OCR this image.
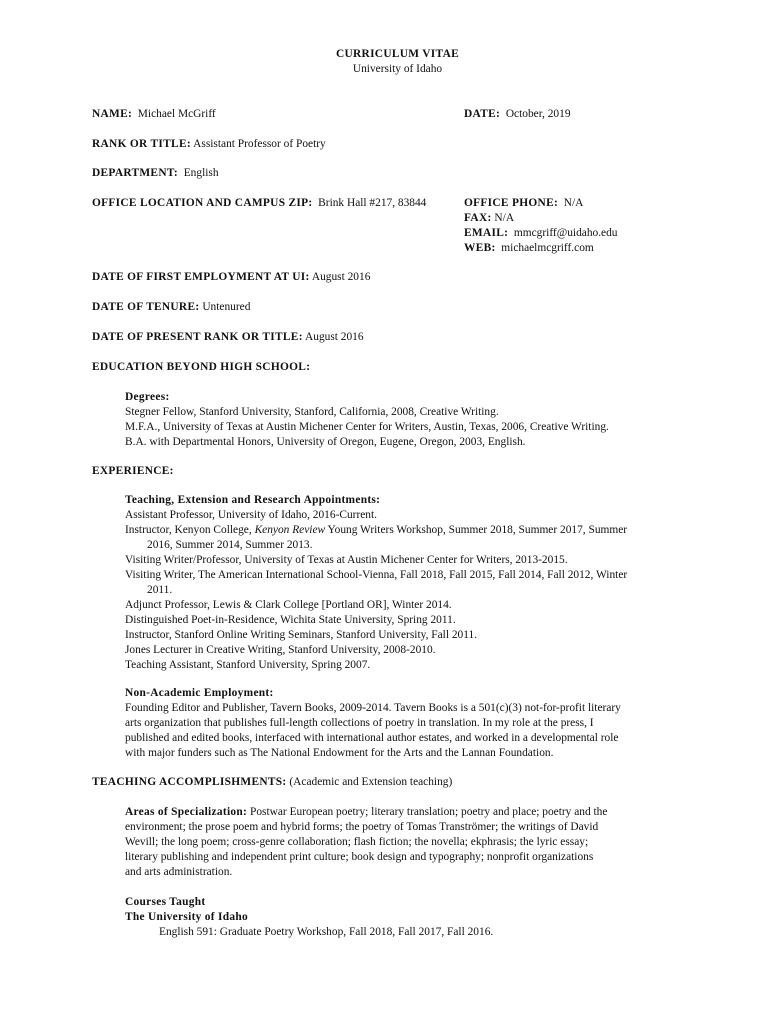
CURRICULUM VITAE
University of Idaho
NAME: Michael McGriff	DATE: October, 2019
RANK OR TITLE: Assistant Professor of Poetry
DEPARTMENT: English
OFFICE LOCATION AND CAMPUS ZIP: Brink Hall #217, 83844	OFFICE PHONE: N/A
FAX: N/A
EMAIL: mmcgriff@uidaho.edu
WEB: michaelmcgriff.com
DATE OF FIRST EMPLOYMENT AT UI: August 2016
DATE OF TENURE: Untenured
DATE OF PRESENT RANK OR TITLE: August 2016
EDUCATION BEYOND HIGH SCHOOL:
Degrees:
Stegner Fellow, Stanford University, Stanford, California, 2008, Creative Writing.
M.F.A., University of Texas at Austin Michener Center for Writers, Austin, Texas, 2006, Creative Writing.
B.A. with Departmental Honors, University of Oregon, Eugene, Oregon, 2003, English.
EXPERIENCE:
Teaching, Extension and Research Appointments:
Assistant Professor, University of Idaho, 2016-Current.
Instructor, Kenyon College, Kenyon Review Young Writers Workshop, Summer 2018, Summer 2017, Summer
2016, Summer 2014, Summer 2013.
Visiting Writer/Professor, University of Texas at Austin Michener Center for Writers, 2013-2015.
Visiting Writer, The American International School-Vienna, Fall 2018, Fall 2015, Fall 2014, Fall 2012, Winter
2011.
Adjunct Professor, Lewis & Clark College [Portland OR], Winter 2014.
Distinguished Poet-in-Residence, Wichita State University, Spring 2011.
Instructor, Stanford Online Writing Seminars, Stanford University, Fall 2011.
Jones Lecturer in Creative Writing, Stanford University, 2008-2010.
Teaching Assistant, Stanford University, Spring 2007.
Non-Academic Employment:
Founding Editor and Publisher, Tavern Books, 2009-2014. Tavern Books is a 501(c)(3) not-for-profit literary
arts organization that publishes full-length collections of poetry in translation. In my role at the press, I
published and edited books, interfaced with international author estates, and worked in a developmental role
with major funders such as The National Endowment for the Arts and the Lannan Foundation.
TEACHING ACCOMPLISHMENTS: (Academic and Extension teaching)
Areas of Specialization: Postwar European poetry; literary translation; poetry and place; poetry and the
environment; the prose poem and hybrid forms; the poetry of Tomas Tranströmer; the writings of David
Wevill; the long poem; cross-genre collaboration; flash fiction; the novella; ekphrasis; the lyric essay;
literary publishing and independent print culture; book design and typography; nonprofit organizations
and arts administration.
Courses Taught
The University of Idaho
English 591: Graduate Poetry Workshop, Fall 2018, Fall 2017, Fall 2016.
